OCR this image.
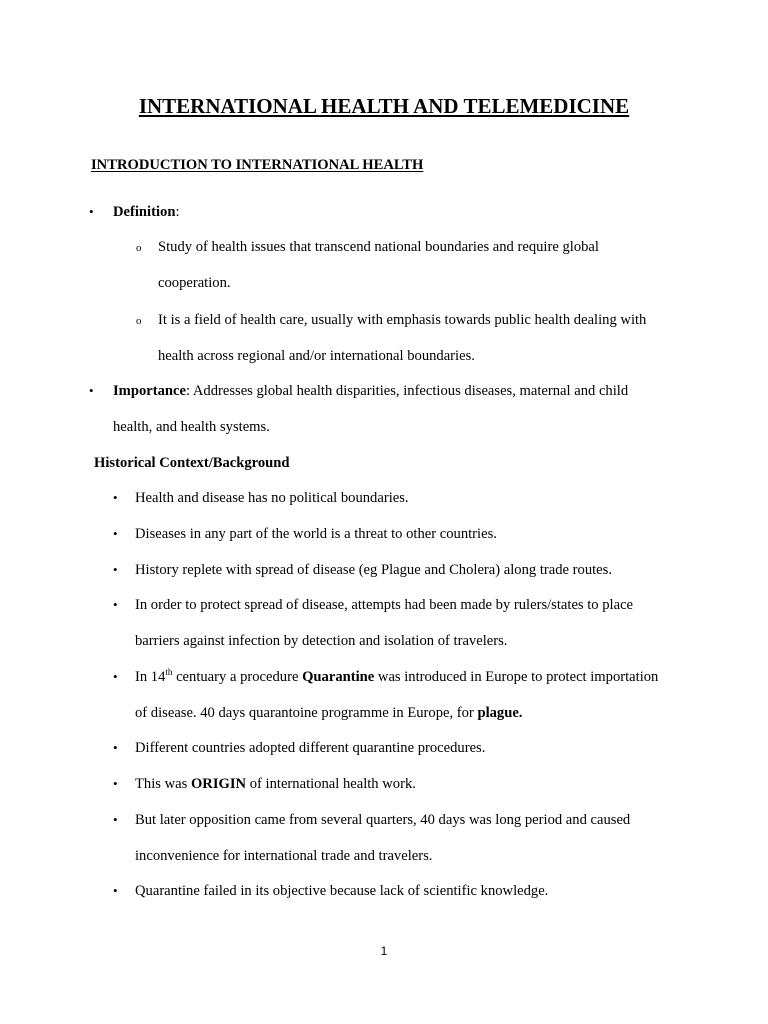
INTERNATIONAL HEALTH AND TELEMEDICINE
INTRODUCTION TO INTERNATIONAL HEALTH
• Definition:
o Study of health issues that transcend national boundaries and require global
cooperation.
o It is a field of health care, usually with emphasis towards public health dealing with
health across regional and/or international boundaries.
• Importance: Addresses global health disparities, infectious diseases, maternal and child
health, and health systems.
Historical Context/Background
• Health and disease has no political boundaries.
• Diseases in any part of the world is a threat to other countries.
• History replete with spread of disease (eg Plague and Cholera) along trade routes.
• In order to protect spread of disease, attempts had been made by rulers/states to place
barriers against infection by detection and isolation of travelers.
• In 14th centuary a procedure Quarantine was introduced in Europe to protect importation
of disease. 40 days quarantoine programme in Europe, for plague.
• Different countries adopted different quarantine procedures.
• This was ORIGIN of international health work.
• But later opposition came from several quarters, 40 days was long period and caused
inconvenience for international trade and travelers.
• Quarantine failed in its objective because lack of scientific knowledge.
1
